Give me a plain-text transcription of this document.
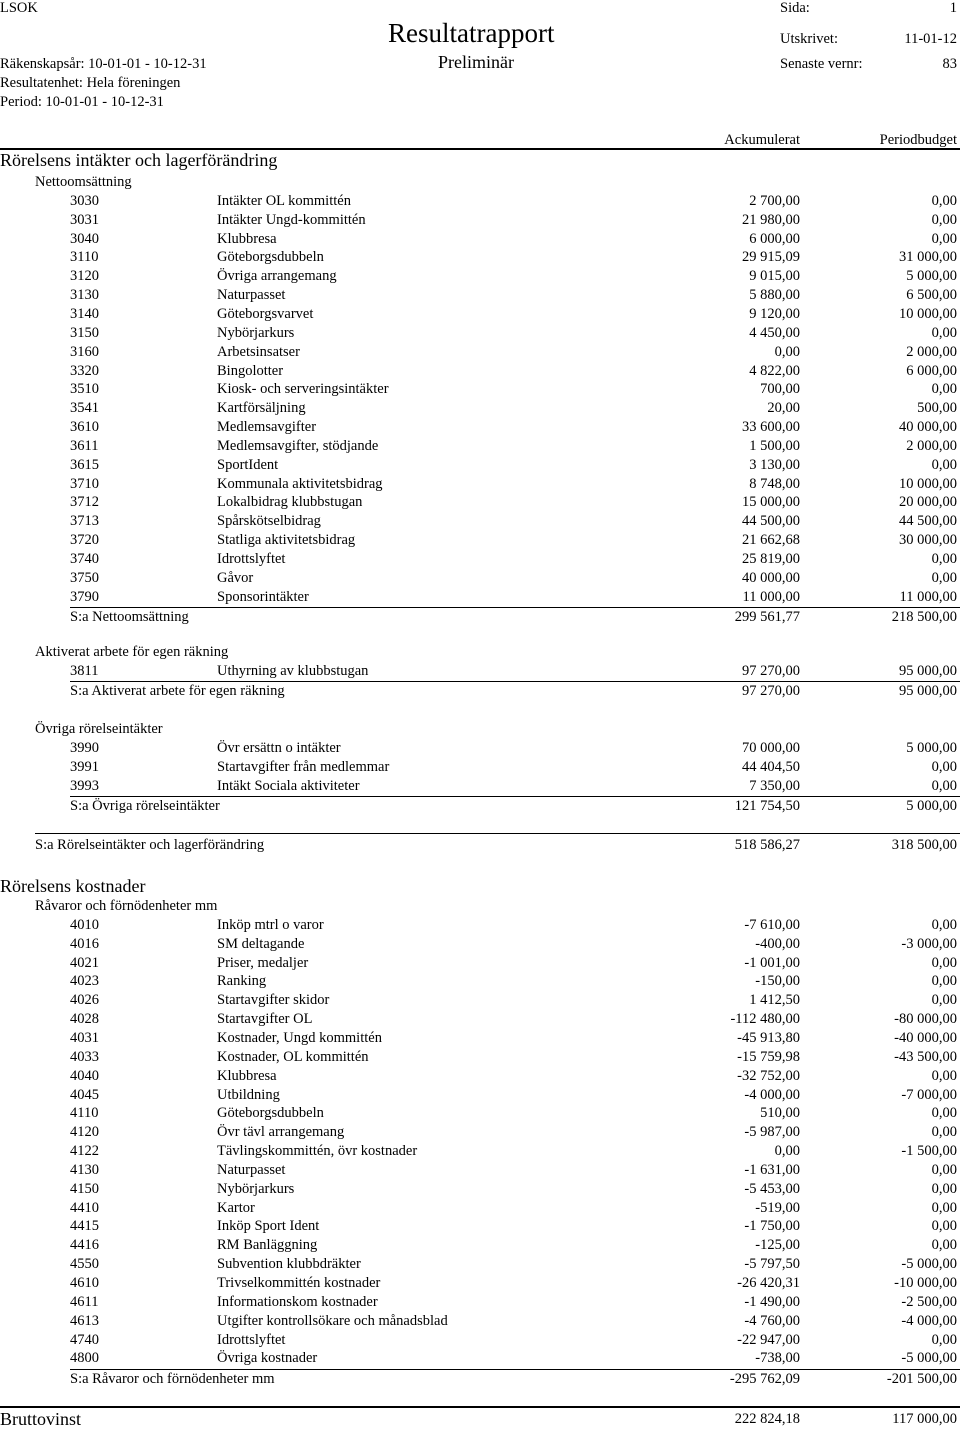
LSOK
Resultatrapport
Preliminär
Sida:	1
Utskrivet:	11-01-12
Senaste vernr:	83
Räkenskapsår: 10-01-01 - 10-12-31
Resultatenhet: Hela föreningen
Period: 10-01-01 - 10-12-31
Ackumulerat	Periodbudget
Rörelsens intäkter och lagerförändring
Nettoomsättning
3030	Intäkter OL kommittén	2 700,00	0,00
3031	Intäkter Ungd-kommittén	21 980,00	0,00
3040	Klubbresa	6 000,00	0,00
3110	Göteborgsdubbeln	29 915,09	31 000,00
3120	Övriga arrangemang	9 015,00	5 000,00
3130	Naturpasset	5 880,00	6 500,00
3140	Göteborgsvarvet	9 120,00	10 000,00
3150	Nybörjarkurs	4 450,00	0,00
3160	Arbetsinsatser	0,00	2 000,00
3320	Bingolotter	4 822,00	6 000,00
3510	Kiosk- och serveringsintäkter	700,00	0,00
3541	Kartförsäljning	20,00	500,00
3610	Medlemsavgifter	33 600,00	40 000,00
3611	Medlemsavgifter, stödjande	1 500,00	2 000,00
3615	SportIdent	3 130,00	0,00
3710	Kommunala aktivitetsbidrag	8 748,00	10 000,00
3712	Lokalbidrag klubbstugan	15 000,00	20 000,00
3713	Spårskötselbidrag	44 500,00	44 500,00
3720	Statliga aktivitetsbidrag	21 662,68	30 000,00
3740	Idrottslyftet	25 819,00	0,00
3750	Gåvor	40 000,00	0,00
3790	Sponsorintäkter	11 000,00	11 000,00
S:a Nettoomsättning	299 561,77	218 500,00
Aktiverat arbete för egen räkning
3811	Uthyrning av klubbstugan	97 270,00	95 000,00
S:a Aktiverat arbete för egen räkning	97 270,00	95 000,00
Övriga rörelseintäkter
3990	Övr ersättn o intäkter	70 000,00	5 000,00
3991	Startavgifter från medlemmar	44 404,50	0,00
3993	Intäkt Sociala aktiviteter	7 350,00	0,00
S:a Övriga rörelseintäkter	121 754,50	5 000,00
S:a Rörelseintäkter och lagerförändring	518 586,27	318 500,00
Rörelsens kostnader
Råvaror och förnödenheter mm
4010	Inköp mtrl o varor	-7 610,00	0,00
4016	SM deltagande	-400,00	-3 000,00
4021	Priser, medaljer	-1 001,00	0,00
4023	Ranking	-150,00	0,00
4026	Startavgifter skidor	1 412,50	0,00
4028	Startavgifter OL	-112 480,00	-80 000,00
4031	Kostnader, Ungd kommittén	-45 913,80	-40 000,00
4033	Kostnader, OL kommittén	-15 759,98	-43 500,00
4040	Klubbresa	-32 752,00	0,00
4045	Utbildning	-4 000,00	-7 000,00
4110	Göteborgsdubbeln	510,00	0,00
4120	Övr tävl arrangemang	-5 987,00	0,00
4122	Tävlingskommittén, övr kostnader	0,00	-1 500,00
4130	Naturpasset	-1 631,00	0,00
4150	Nybörjarkurs	-5 453,00	0,00
4410	Kartor	-519,00	0,00
4415	Inköp Sport Ident	-1 750,00	0,00
4416	RM Banläggning	-125,00	0,00
4550	Subvention klubbdräkter	-5 797,50	-5 000,00
4610	Trivselkommittén kostnader	-26 420,31	-10 000,00
4611	Informationskom kostnader	-1 490,00	-2 500,00
4613	Utgifter kontrollsökare och månadsblad	-4 760,00	-4 000,00
4740	Idrottslyftet	-22 947,00	0,00
4800	Övriga kostnader	-738,00	-5 000,00
S:a Råvaror och förnödenheter mm	-295 762,09	-201 500,00
Bruttovinst	222 824,18	117 000,00
